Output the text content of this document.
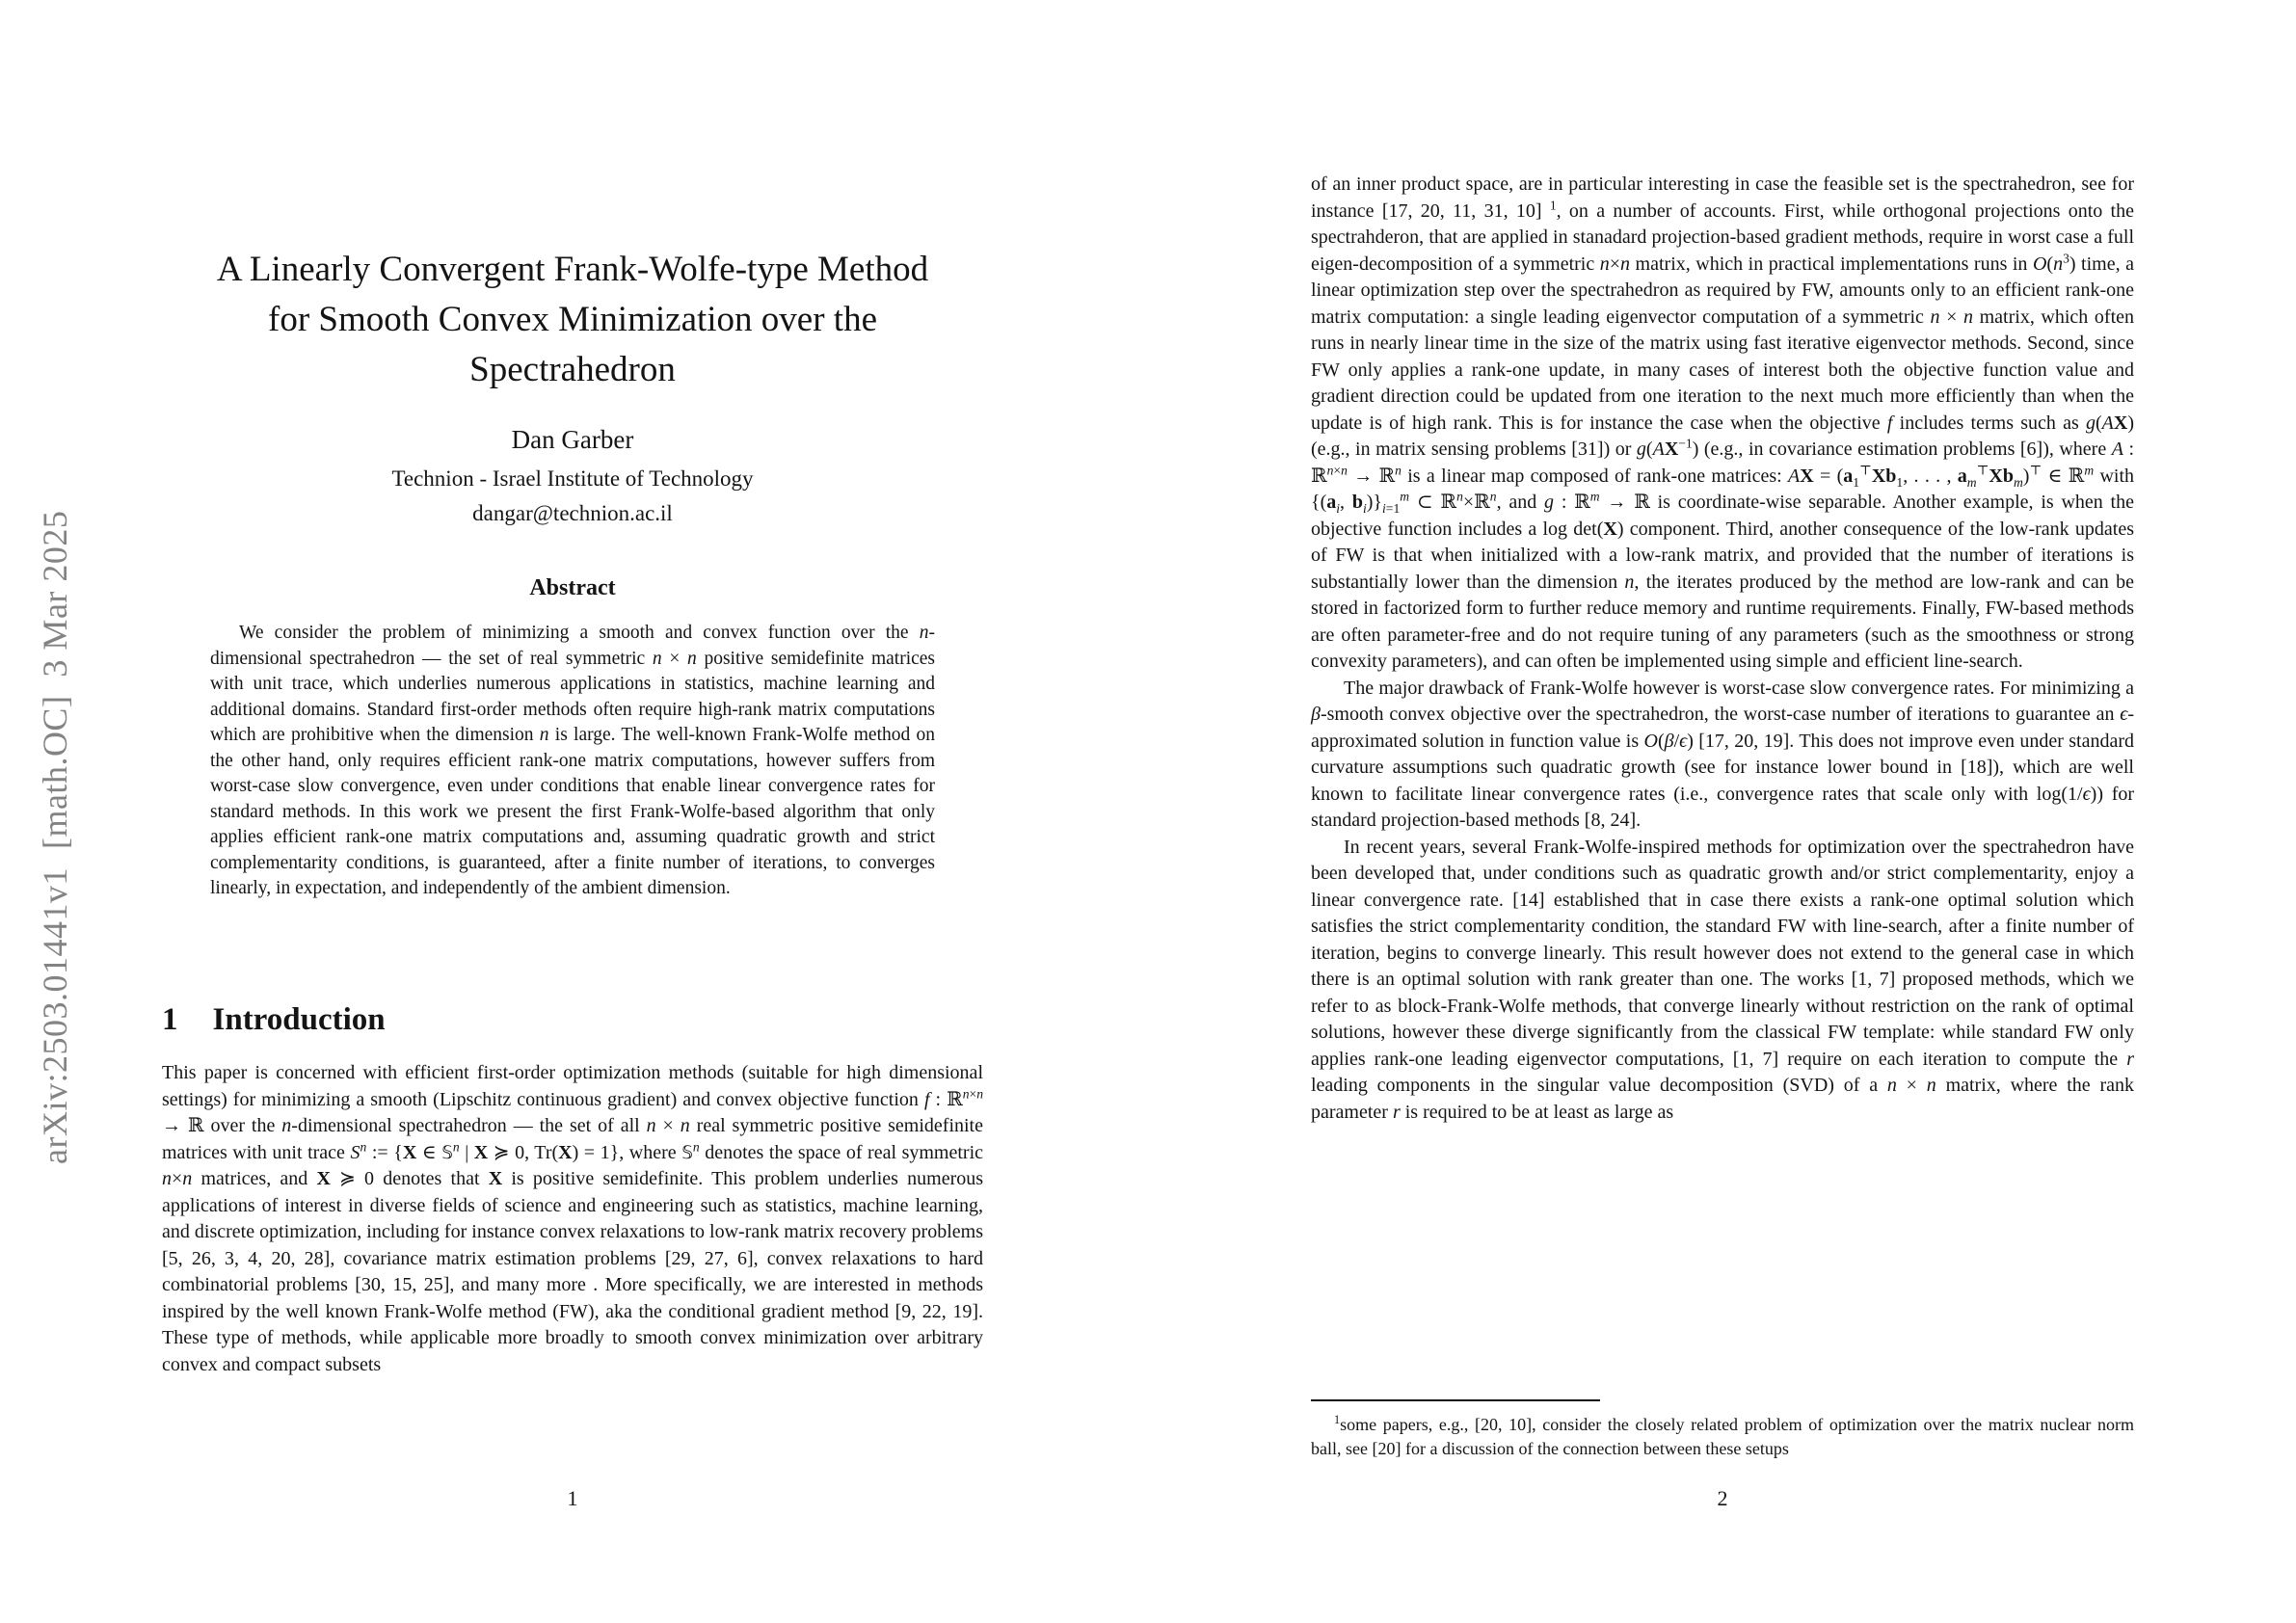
arXiv:2503.01441v1  [math.OC]  3 Mar 2025
A Linearly Convergent Frank-Wolfe-type Method
for Smooth Convex Minimization over the
Spectrahedron
Dan Garber
Technion - Israel Institute of Technology
dangar@technion.ac.il
Abstract

We consider the problem of minimizing a smooth and convex function over the n-dimensional spectrahedron — the set of real symmetric n × n positive semidefinite matrices with unit trace, which underlies numerous applications in statistics, machine learning and additional domains. Standard first-order methods often require high-rank matrix computations which are prohibitive when the dimension n is large. The well-known Frank-Wolfe method on the other hand, only requires efficient rank-one matrix computations, however suffers from worst-case slow convergence, even under conditions that enable linear convergence rates for standard methods. In this work we present the first Frank-Wolfe-based algorithm that only applies efficient rank-one matrix computations and, assuming quadratic growth and strict complementarity conditions, is guaranteed, after a finite number of iterations, to converges linearly, in expectation, and independently of the ambient dimension.

1 Introduction

This paper is concerned with efficient first-order optimization methods (suitable for high dimensional settings) for minimizing a smooth (Lipschitz continuous gradient) and convex objective function f : ℝ$^{n\times n}$ → ℝ over the n-dimensional spectrahedron — the set of all n × n real symmetric positive semidefinite matrices with unit trace $S^n$ := {X ∈ 𝕊$^n$ | X ≽ 0, Tr(X) = 1}, where 𝕊$^n$ denotes the space of real symmetric n×n matrices, and X ≽ 0 denotes that X is positive semidefinite. This problem underlies numerous applications of interest in diverse fields of science and engineering such as statistics, machine learning, and discrete optimization, including for instance convex relaxations to low-rank matrix recovery problems [5, 26, 3, 4, 20, 28], covariance matrix estimation problems [29, 27, 6], convex relaxations to hard combinatorial problems [30, 15, 25], and many more . More specifically, we are interested in methods inspired by the well known Frank-Wolfe method (FW), aka the conditional gradient method [9, 22, 19]. These type of methods, while applicable more broadly to smooth convex minimization over arbitrary convex and compact subsets

1

of an inner product space, are in particular interesting in case the feasible set is the spectrahedron, see for instance [17, 20, 11, 31, 10] $^1$, on a number of accounts. First, while orthogonal projections onto the spectrahderon, that are applied in stanadard projection-based gradient methods, require in worst case a full eigen-decomposition of a symmetric n×n matrix, which in practical implementations runs in $O(n^3)$ time, a linear optimization step over the spectrahedron as required by FW, amounts only to an efficient rank-one matrix computation: a single leading eigenvector computation of a symmetric n × n matrix, which often runs in nearly linear time in the size of the matrix using fast iterative eigenvector methods. Second, since FW only applies a rank-one update, in many cases of interest both the objective function value and gradient direction could be updated from one iteration to the next much more efficiently than when the update is of high rank. This is for instance the case when the objective f includes terms such as g(AX) (e.g., in matrix sensing problems [31]) or $g(AX^{-1})$ (e.g., in covariance estimation problems [6]), where A : ℝ$^{n\times n}$ → ℝ$^n$ is a linear map composed of rank-one matrices: AX = ($a_1^⊤Xb_1$, . . . , $a_m^⊤Xb_m)^⊤$ ∈ ℝ$^m$ with {($a_i$, $b_i)\}_{i=1}^m$ ⊂ ℝ$^n$×ℝ$^n$, and g : ℝ$^m$ → ℝ is coordinate-wise separable. Another example, is when the objective function includes a log det(X) component. Third, another consequence of the low-rank updates of FW is that when initialized with a low-rank matrix, and provided that the number of iterations is substantially lower than the dimension n, the iterates produced by the method are low-rank and can be stored in factorized form to further reduce memory and runtime requirements. Finally, FW-based methods are often parameter-free and do not require tuning of any parameters (such as the smoothness or strong convexity parameters), and can often be implemented using simple and efficient line-search.

The major drawback of Frank-Wolfe however is worst-case slow convergence rates. For minimizing a β-smooth convex objective over the spectrahedron, the worst-case number of iterations to guarantee an ϵ-approximated solution in function value is O(β/ϵ) [17, 20, 19]. This does not improve even under standard curvature assumptions such quadratic growth (see for instance lower bound in [18]), which are well known to facilitate linear convergence rates (i.e., convergence rates that scale only with log(1/ϵ)) for standard projection-based methods [8, 24].

In recent years, several Frank-Wolfe-inspired methods for optimization over the spectrahedron have been developed that, under conditions such as quadratic growth and/or strict complementarity, enjoy a linear convergence rate. [14] established that in case there exists a rank-one optimal solution which satisfies the strict complementarity condition, the standard FW with line-search, after a finite number of iteration, begins to converge linearly. This result however does not extend to the general case in which there is an optimal solution with rank greater than one. The works [1, 7] proposed methods, which we refer to as block-Frank-Wolfe methods, that converge linearly without restriction on the rank of optimal solutions, however these diverge significantly from the classical FW template: while standard FW only applies rank-one leading eigenvector computations, [1, 7] require on each iteration to compute the r leading components in the singular value decomposition (SVD) of a n × n matrix, where the rank parameter r is required to be at least as large as

$^1$some papers, e.g., [20, 10], consider the closely related problem of optimization over the matrix nuclear norm ball, see [20] for a discussion of the connection between these setups

2
